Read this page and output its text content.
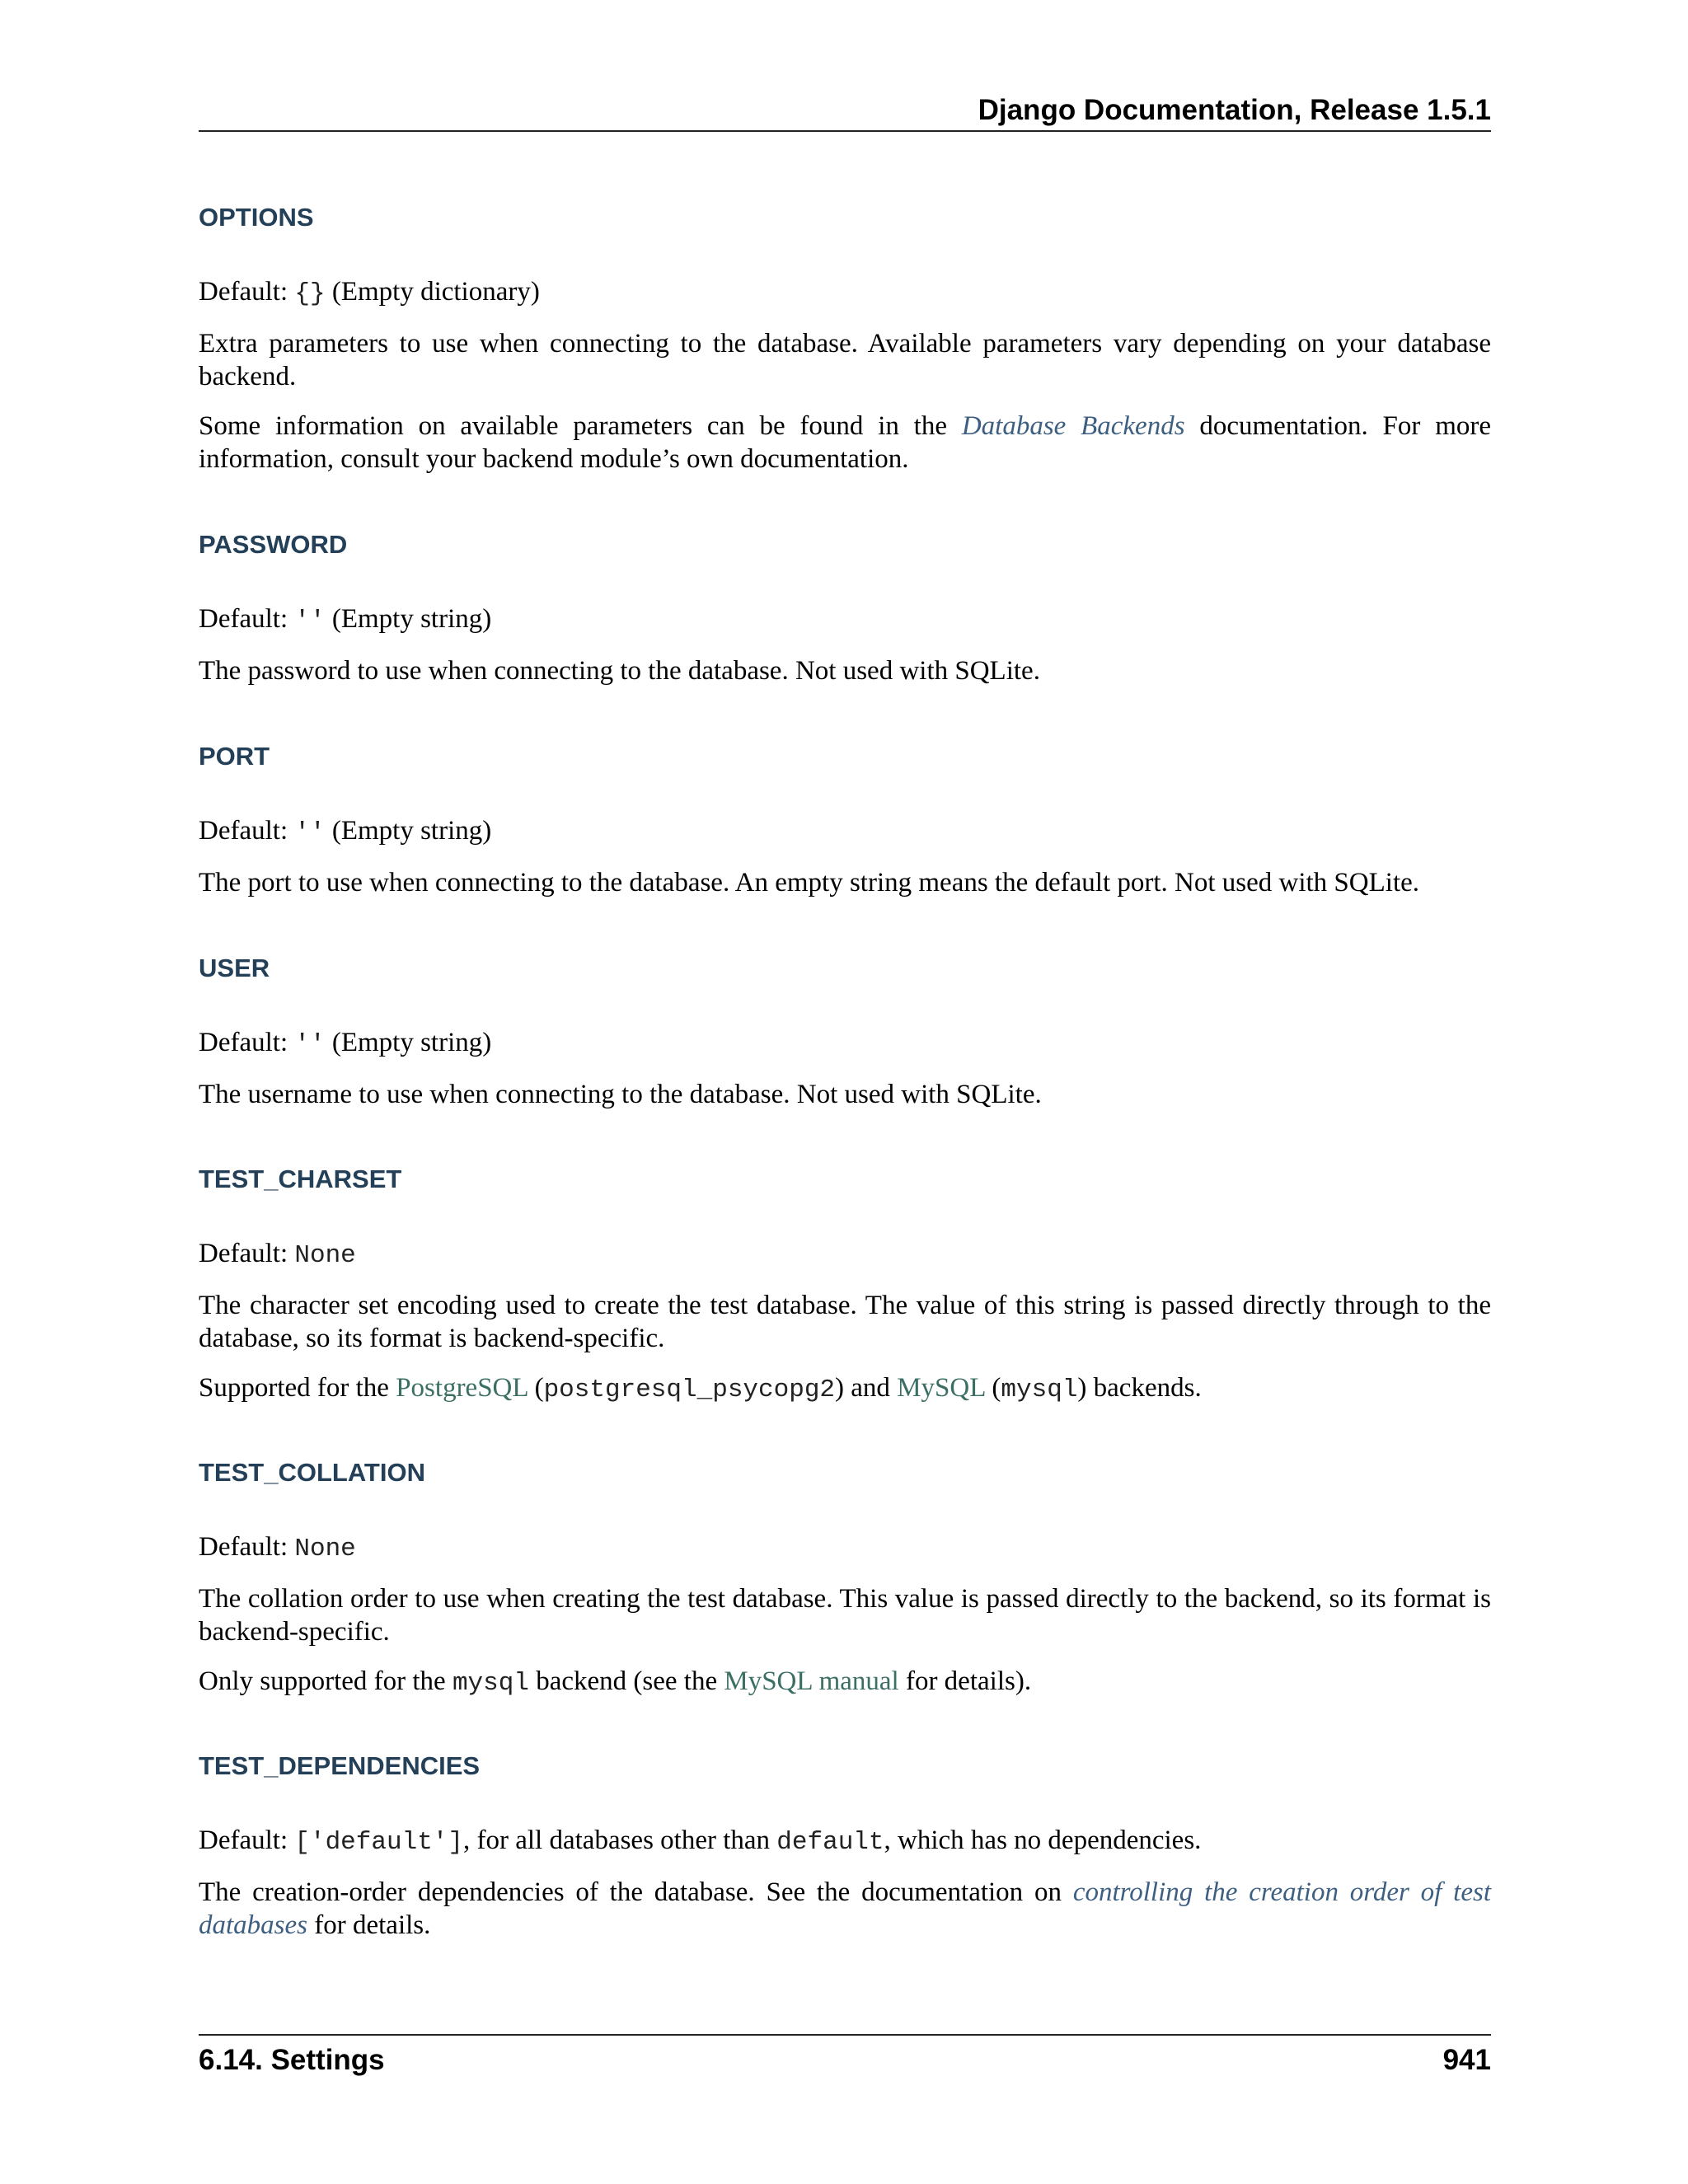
Django Documentation, Release 1.5.1
OPTIONS

Default: {} (Empty dictionary)

Extra parameters to use when connecting to the database. Available parameters vary depending on your database backend.

Some information on available parameters can be found in the Database Backends documentation. For more information, consult your backend module’s own documentation.

PASSWORD

Default: '' (Empty string)

The password to use when connecting to the database. Not used with SQLite.

PORT

Default: '' (Empty string)

The port to use when connecting to the database. An empty string means the default port. Not used with SQLite.

USER

Default: '' (Empty string)

The username to use when connecting to the database. Not used with SQLite.

TEST_CHARSET

Default: None

The character set encoding used to create the test database. The value of this string is passed directly through to the database, so its format is backend-specific.

Supported for the PostgreSQL (postgresql_psycopg2) and MySQL (mysql) backends.

TEST_COLLATION

Default: None

The collation order to use when creating the test database. This value is passed directly to the backend, so its format is backend-specific.

Only supported for the mysql backend (see the MySQL manual for details).

TEST_DEPENDENCIES

Default: ['default'], for all databases other than default, which has no dependencies.

The creation-order dependencies of the database. See the documentation on controlling the creation order of test databases for details.

6.14. Settings	941
